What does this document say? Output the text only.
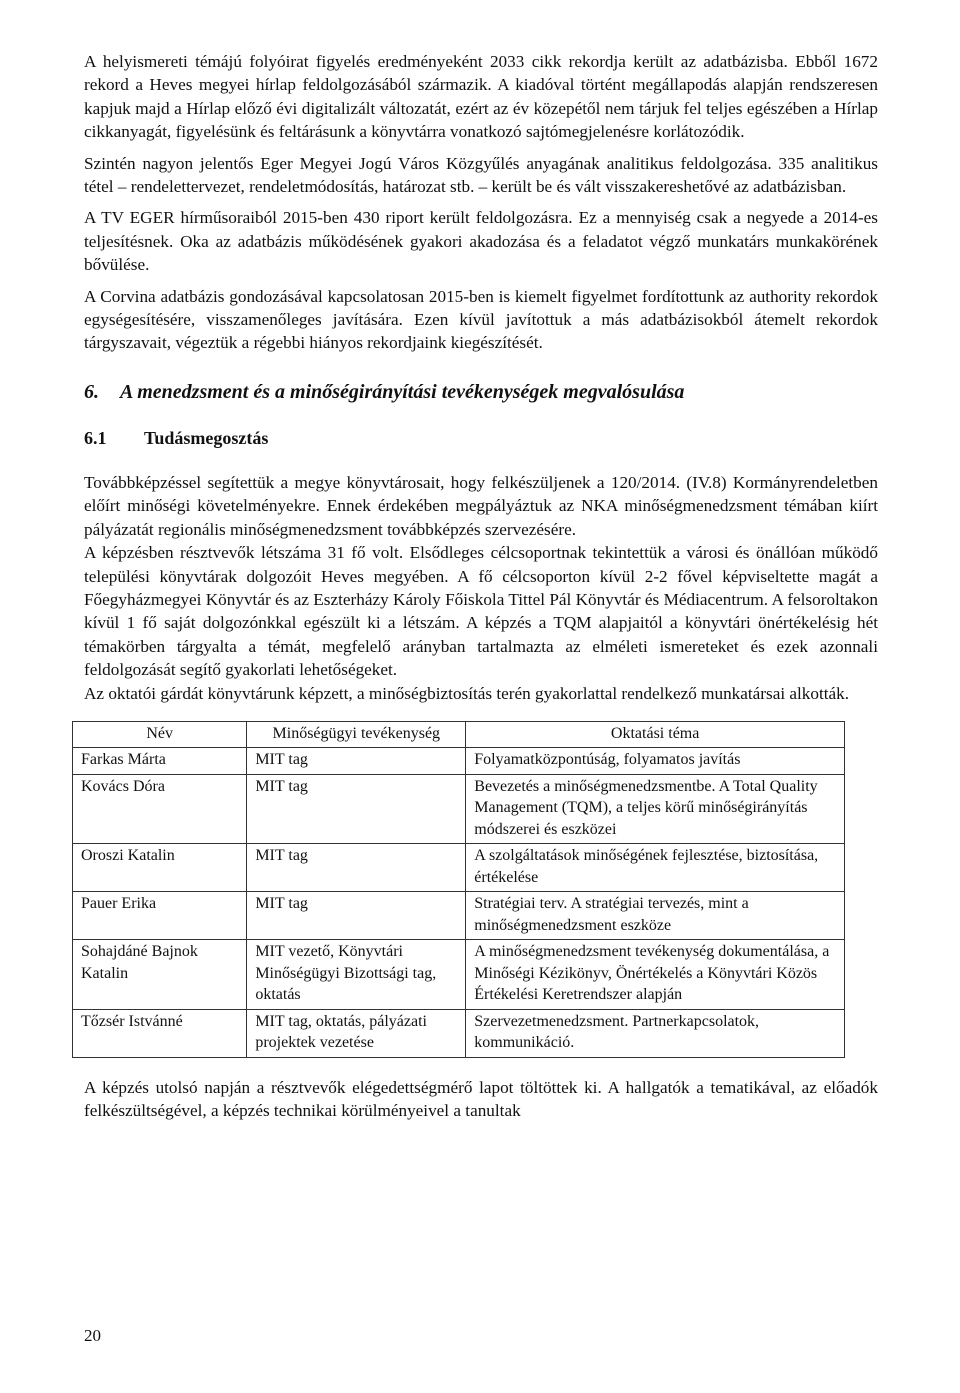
A helyismereti témájú folyóirat figyelés eredményeként 2033 cikk rekordja került az adatbázisba. Ebből 1672 rekord a Heves megyei hírlap feldolgozásából származik. A kiadóval történt megállapodás alapján rendszeresen kapjuk majd a Hírlap előző évi digitalizált változatát, ezért az év közepétől nem tárjuk fel teljes egészében a Hírlap cikkanyagát, figyelésünk és feltárásunk a könyvtárra vonatkozó sajtómegjelenésre korlátozódik.

Szintén nagyon jelentős Eger Megyei Jogú Város Közgyűlés anyagának analitikus feldolgozása. 335 analitikus tétel – rendelettervezet, rendeletmódosítás, határozat stb. – került be és vált visszakereshetővé az adatbázisban.

A TV EGER hírműsoraiból 2015-ben 430 riport került feldolgozásra. Ez a mennyiség csak a negyede a 2014-es teljesítésnek. Oka az adatbázis működésének gyakori akadozása és a feladatot végző munkatárs munkakörének bővülése.

A Corvina adatbázis gondozásával kapcsolatosan 2015-ben is kiemelt figyelmet fordítottunk az authority rekordok egységesítésére, visszamenőleges javítására. Ezen kívül javítottuk a más adatbázisokból átemelt rekordok tárgyszavait, végeztük a régebbi hiányos rekordjaink kiegészítését.

6.	A menedzsment és a minőségirányítási tevékenységek megvalósulása
6.1	Tudásmegosztás

Továbbképzéssel segítettük a megye könyvtárosait, hogy felkészüljenek a 120/2014. (IV.8) Kormányrendeletben előírt minőségi követelményekre. Ennek érdekében megpályáztuk az NKA minőségmenedzsment témában kiírt pályázatát regionális minőségmenedzsment továbbképzés szervezésére.

A képzésben résztvevők létszáma 31 fő volt. Elsődleges célcsoportnak tekintettük a városi és önállóan működő települési könyvtárak dolgozóit Heves megyében. A fő célcsoporton kívül 2-2 fővel képviseltette magát a Főegyházmegyei Könyvtár és az Eszterházy Károly Főiskola Tittel Pál Könyvtár és Médiacentrum. A felsoroltakon kívül 1 fő saját dolgozónkkal egészült ki a létszám. A képzés a TQM alapjaitól a könyvtári önértékelésig hét témakörben tárgyalta a témát, megfelelő arányban tartalmazta az elméleti ismereteket és ezek azonnali feldolgozását segítő gyakorlati lehetőségeket.

Az oktatói gárdát könyvtárunk képzett, a minőségbiztosítás terén gyakorlattal rendelkező munkatársai alkották.

Név	Minőségügyi tevékenység	Oktatási téma
Farkas Márta	MIT tag	Folyamatközpontúság, folyamatos javítás
Kovács Dóra	MIT tag	Bevezetés a minőségmenedzsmentbe. A Total Quality Management (TQM), a teljes körű minőségirányítás módszerei és eszközei
Oroszi Katalin	MIT tag	A szolgáltatások minőségének fejlesztése, biztosítása, értékelése
Pauer Erika	MIT tag	Stratégiai terv. A stratégiai tervezés, mint a minőségmenedzsment eszköze
Sohajdáné Bajnok Katalin	MIT vezető, Könyvtári Minőségügyi Bizottsági tag, oktatás	A minőségmenedzsment tevékenység dokumentálása, a Minőségi Kézikönyv, Önértékelés a Könyvtári Közös Értékelési Keretrendszer alapján
Tőzsér Istvánné	MIT tag, oktatás, pályázati projektek vezetése	Szervezetmenedzsment. Partnerkapcsolatok, kommunikáció.

A képzés utolsó napján a résztvevők elégedettségmérő lapot töltöttek ki. A hallgatók a tematikával, az előadók felkészültségével, a képzés technikai körülményeivel a tanultak

20
